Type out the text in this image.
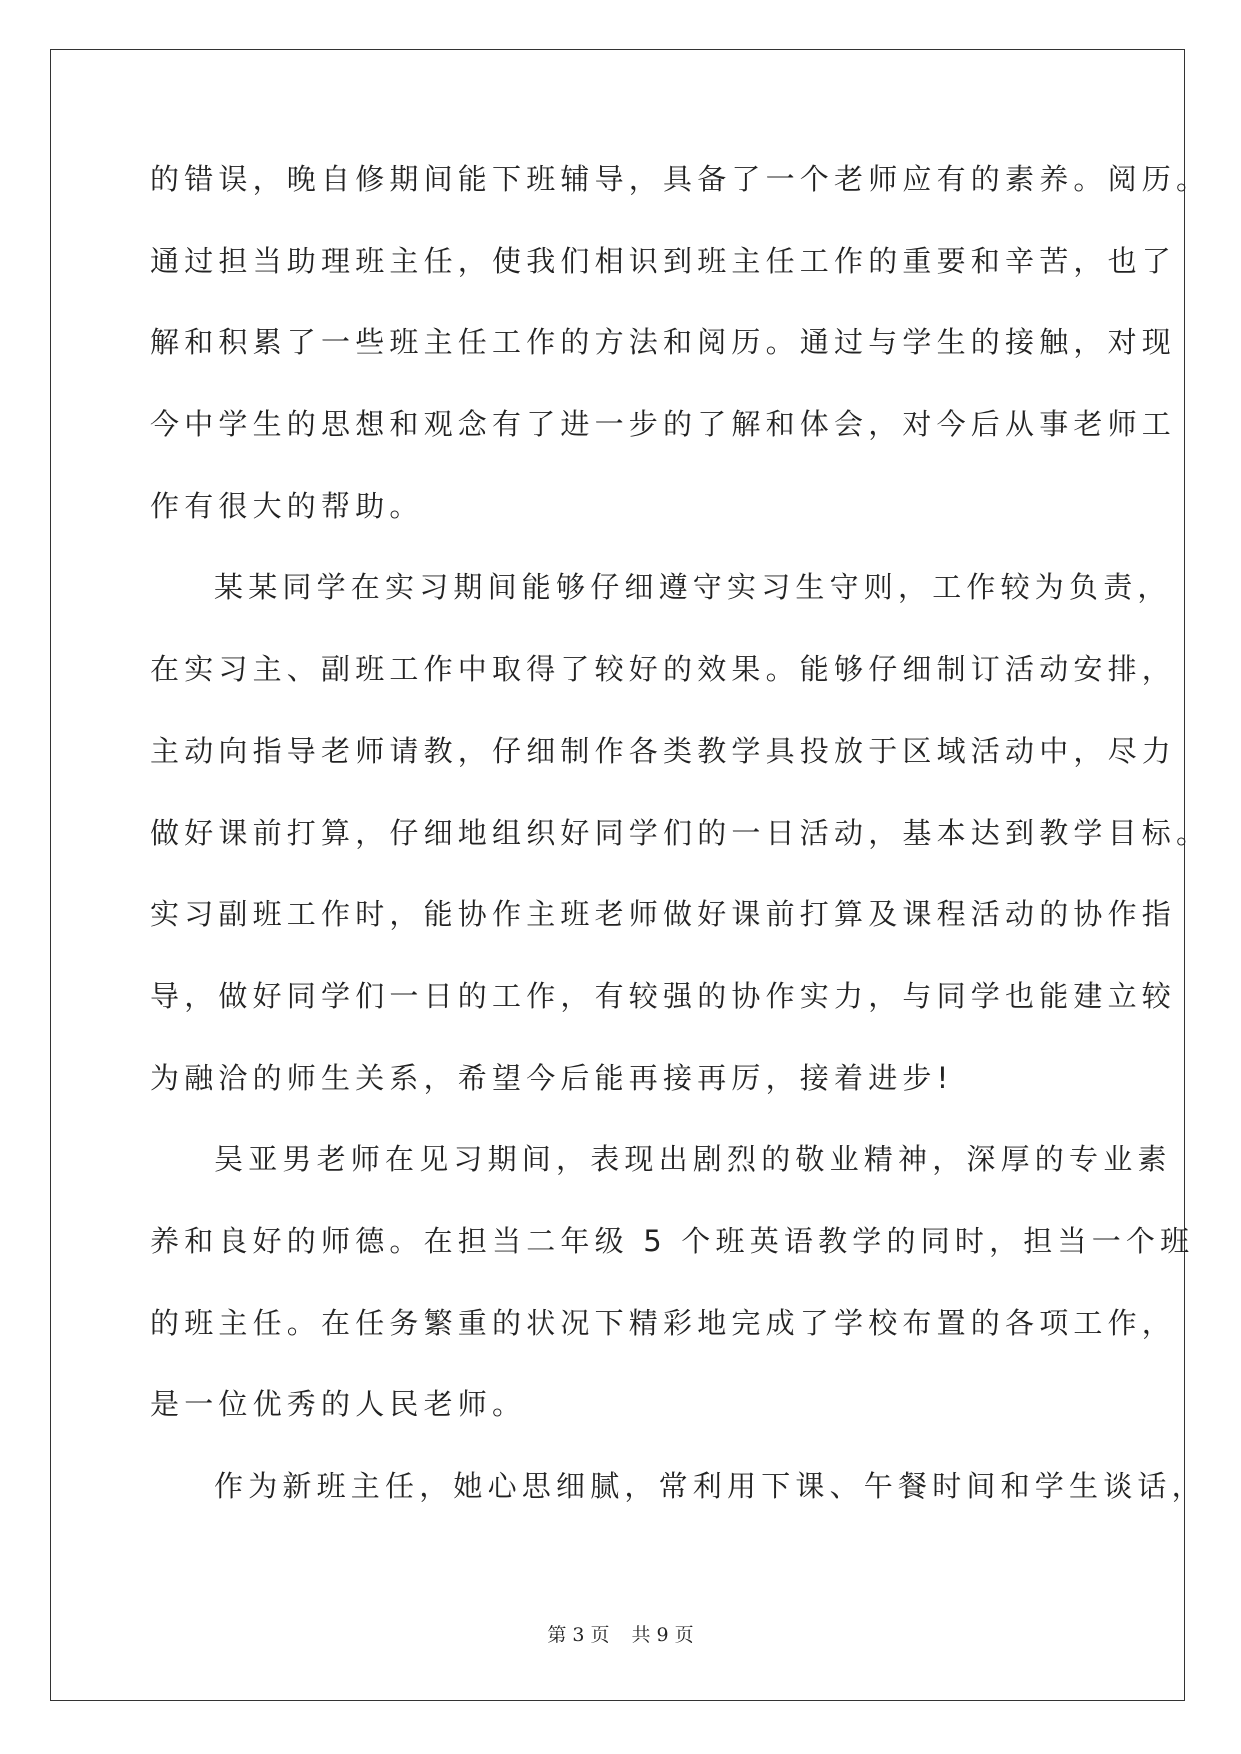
的错误，晚自修期间能下班辅导，具备了一个老师应有的素养。阅历。

通过担当助理班主任，使我们相识到班主任工作的重要和辛苦，也了

解和积累了一些班主任工作的方法和阅历。通过与学生的接触，对现

今中学生的思想和观念有了进一步的了解和体会，对今后从事老师工

作有很大的帮助。

某某同学在实习期间能够仔细遵守实习生守则，工作较为负责，

在实习主、副班工作中取得了较好的效果。能够仔细制订活动安排，

主动向指导老师请教，仔细制作各类教学具投放于区域活动中，尽力

做好课前打算，仔细地组织好同学们的一日活动，基本达到教学目标。

实习副班工作时，能协作主班老师做好课前打算及课程活动的协作指

导，做好同学们一日的工作，有较强的协作实力，与同学也能建立较

为融洽的师生关系，希望今后能再接再厉，接着进步!

吴亚男老师在见习期间，表现出剧烈的敬业精神，深厚的专业素

养和良好的师德。在担当二年级 5 个班英语教学的同时，担当一个班

的班主任。在任务繁重的状况下精彩地完成了学校布置的各项工作，

是一位优秀的人民老师。

作为新班主任，她心思细腻，常利用下课、午餐时间和学生谈话，

第 3 页 共 9 页
